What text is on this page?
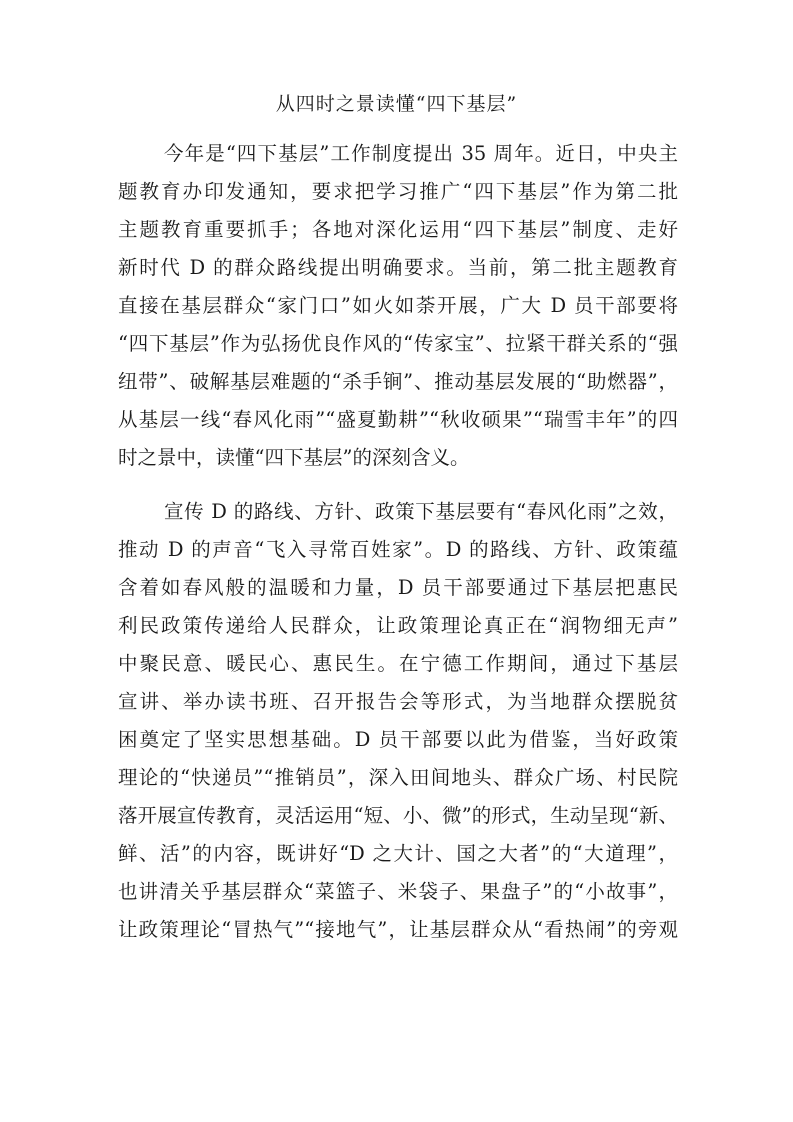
从四时之景读懂“四下基层”
今年是“四下基层”工作制度提出 35 周年。近日，中央主
题教育办印发通知，要求把学习推广“四下基层”作为第二批
主题教育重要抓手；各地对深化运用“四下基层”制度、走好
新时代 D 的群众路线提出明确要求。当前，第二批主题教育
直接在基层群众“家门口”如火如荼开展，广大 D 员干部要将
“四下基层”作为弘扬优良作风的“传家宝”、拉紧干群关系的“强
纽带”、破解基层难题的“杀手锏”、推动基层发展的“助燃器”，
从基层一线“春风化雨”“盛夏勤耕”“秋收硕果”“瑞雪丰年”的四
时之景中，读懂“四下基层”的深刻含义。
宣传 D 的路线、方针、政策下基层要有“春风化雨”之效，
推动 D 的声音“飞入寻常百姓家”。D 的路线、方针、政策蕴
含着如春风般的温暖和力量，D 员干部要通过下基层把惠民
利民政策传递给人民群众，让政策理论真正在“润物细无声”
中聚民意、暖民心、惠民生。在宁德工作期间，通过下基层
宣讲、举办读书班、召开报告会等形式，为当地群众摆脱贫
困奠定了坚实思想基础。D 员干部要以此为借鉴，当好政策
理论的“快递员”“推销员”，深入田间地头、群众广场、村民院
落开展宣传教育，灵活运用“短、小、微”的形式，生动呈现“新、
鲜、活”的内容，既讲好“D 之大计、国之大者”的“大道理”，
也讲清关乎基层群众“菜篮子、米袋子、果盘子”的“小故事”，
让政策理论“冒热气”“接地气”，让基层群众从“看热闹”的旁观
